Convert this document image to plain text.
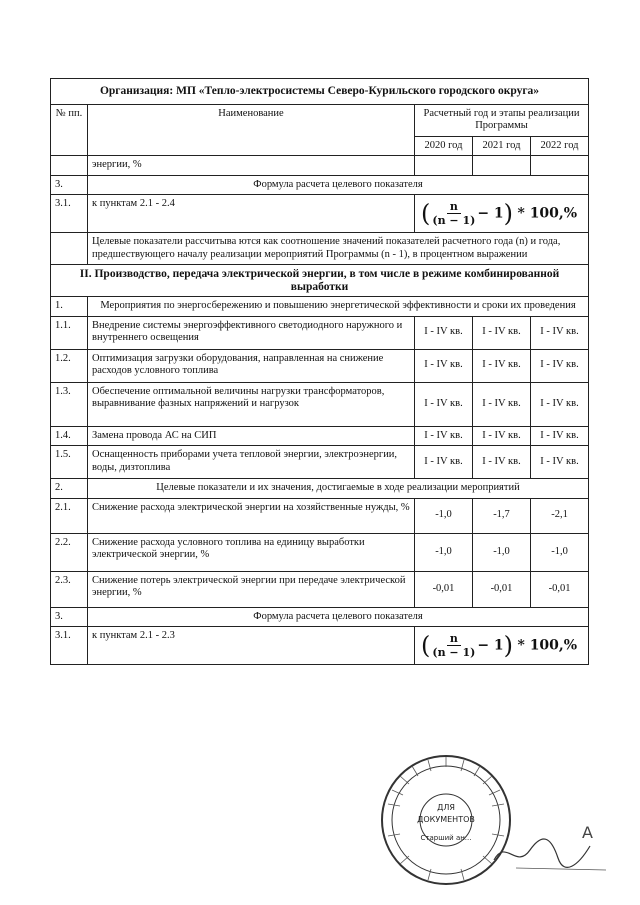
Организация: МП «Тепло-электросистемы Северо-Курильского городского округа»				
№ пп.	Наименование	Расчетный год и этапы реализации Программы		
		2020 год	2021 год	2022 год
	энергии, %			
3.	Формула расчета целевого показателя			
3.1.	к пунктам 2.1 - 2.4	( $\frac{n}{(n - 1)} - 1) * 100,\%$		
	Целевые показатели рассчитыва ются как соотношение значений показателей расчетного года (n) и года, предшествующего началу реализации мероприятий Программы (n - 1), в процентном выражении			
II. Производство, передача электрической энергии, в том числе в режиме комбинированной выработки				
1.	Мероприятия по энергосбережению и повышению энергетической эффективности и сроки их проведения			
1.1.	Внедрение системы энергоэффективного светодиодного наружного и внутреннего освещения	I - IV кв.	I - IV кв.	I - IV кв.
1.2.	Оптимизация загрузки оборудования, направленная на снижение расходов условного топлива	I - IV кв.	I - IV кв.	I - IV кв.
1.3.	Обеспечение оптимальной величины нагрузки трансформаторов, выравнивание фазных напряжений и нагрузок	I - IV кв.	I - IV кв.	I - IV кв.
1.4.	Замена провода АС на СИП	I - IV кв.	I - IV кв.	I - IV кв.
1.5.	Оснащенность приборами учета тепловой энергии, электроэнергии, воды, дизтоплива	I - IV кв.	I - IV кв.	I - IV кв.
2.	Целевые показатели и их значения, достигаемые в ходе реализации мероприятий			
2.1.	Снижение расхода электрической энергии на хозяйственные нужды, %	-1,0	-1,7	-2,1
2.2.	Снижение расхода условного топлива на единицу выработки электрической энергии, %	-1,0	-1,0	-1,0
2.3.	Снижение потерь электрической энергии при передаче электрической энергии, %	-0,01	-0,01	-0,01
3.	Формула расчета целевого показателя			
3.1.	к пунктам 2.1 - 2.3	( $\frac{n}{(n - 1)} - 1) * 100,\%$		
ДЛЯ
ДОКУМЕНТОВ
Старший ан...	А
